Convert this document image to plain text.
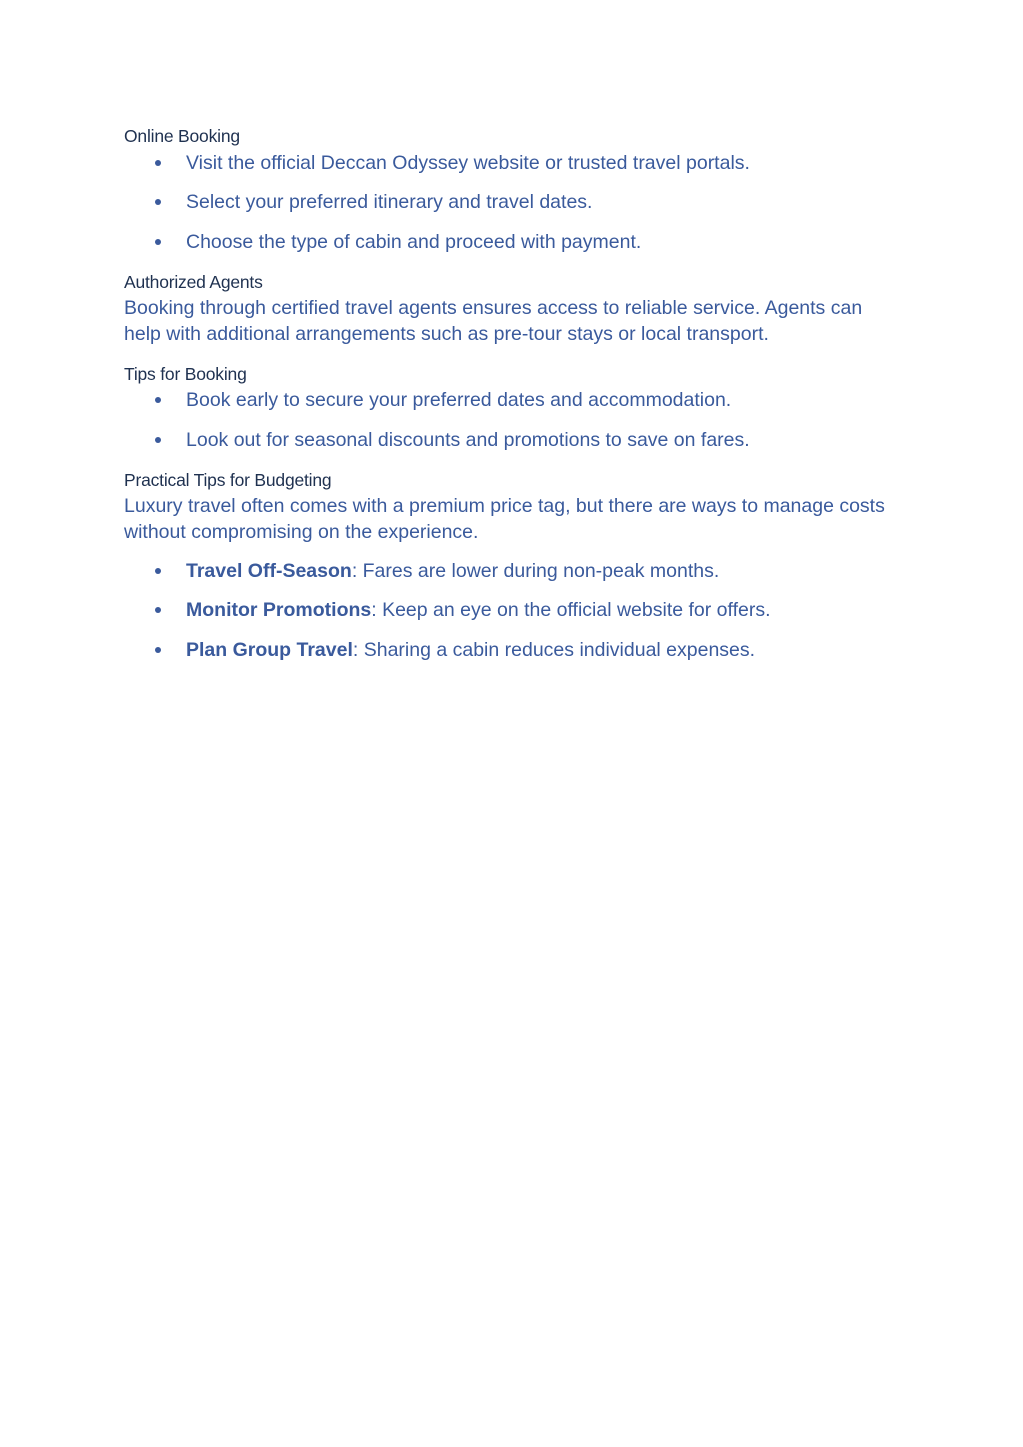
Online Booking
Visit the official Deccan Odyssey website or trusted travel portals.
Select your preferred itinerary and travel dates.
Choose the type of cabin and proceed with payment.
Authorized Agents
Booking through certified travel agents ensures access to reliable service. Agents can help with additional arrangements such as pre-tour stays or local transport.
Tips for Booking
Book early to secure your preferred dates and accommodation.
Look out for seasonal discounts and promotions to save on fares.
Practical Tips for Budgeting
Luxury travel often comes with a premium price tag, but there are ways to manage costs without compromising on the experience.
Travel Off-Season: Fares are lower during non-peak months.
Monitor Promotions: Keep an eye on the official website for offers.
Plan Group Travel: Sharing a cabin reduces individual expenses.
